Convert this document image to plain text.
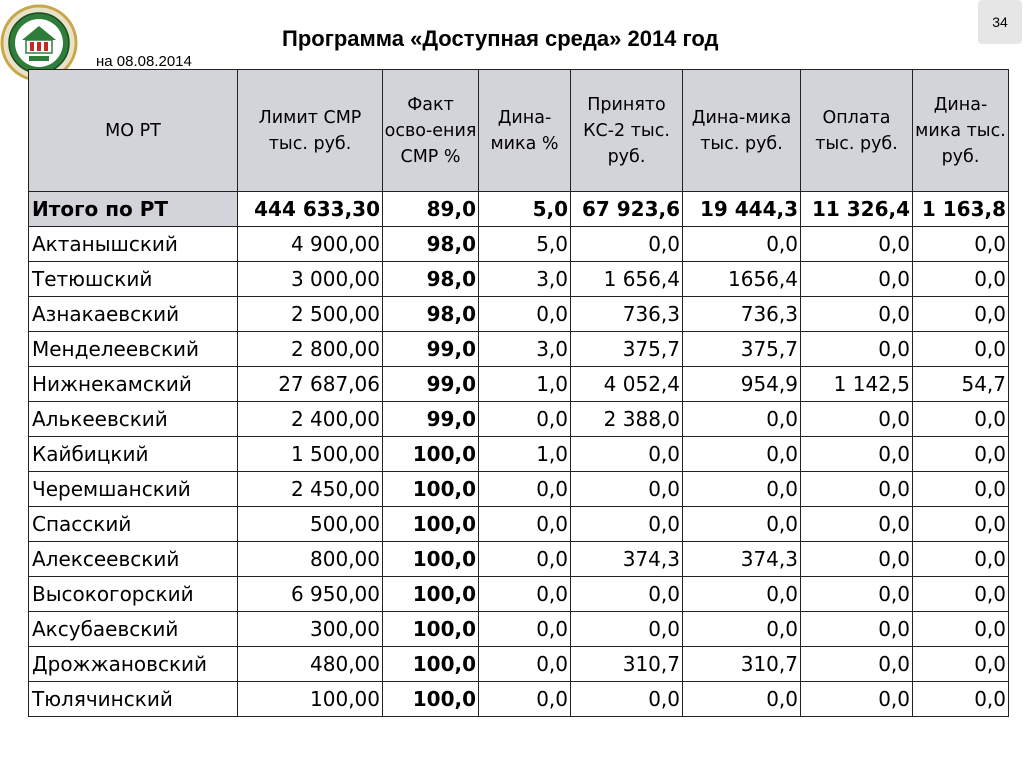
Программа «Доступная среда» 2014 год
на 08.08.2014
34
МО РТ	Лимит СМР тыс. руб.	Факт осво-ения СМР %	Дина-мика %	Принято КС-2 тыс. руб.	Дина-мика тыс. руб.	Оплата тыс. руб.	Дина-мика тыс. руб.
Итого по РТ	444 633,30	89,0	5,0	67 923,6	19 444,3	11 326,4	1 163,8
Актанышский	4 900,00	98,0	5,0	0,0	0,0	0,0	0,0
Тетюшский	3 000,00	98,0	3,0	1 656,4	1656,4	0,0	0,0
Азнакаевский	2 500,00	98,0	0,0	736,3	736,3	0,0	0,0
Менделеевский	2 800,00	99,0	3,0	375,7	375,7	0,0	0,0
Нижнекамский	27 687,06	99,0	1,0	4 052,4	954,9	1 142,5	54,7
Алькеевский	2 400,00	99,0	0,0	2 388,0	0,0	0,0	0,0
Кайбицкий	1 500,00	100,0	1,0	0,0	0,0	0,0	0,0
Черемшанский	2 450,00	100,0	0,0	0,0	0,0	0,0	0,0
Спасский	500,00	100,0	0,0	0,0	0,0	0,0	0,0
Алексеевский	800,00	100,0	0,0	374,3	374,3	0,0	0,0
Высокогорский	6 950,00	100,0	0,0	0,0	0,0	0,0	0,0
Аксубаевский	300,00	100,0	0,0	0,0	0,0	0,0	0,0
Дрожжановский	480,00	100,0	0,0	310,7	310,7	0,0	0,0
Тюлячинский	100,00	100,0	0,0	0,0	0,0	0,0	0,0
